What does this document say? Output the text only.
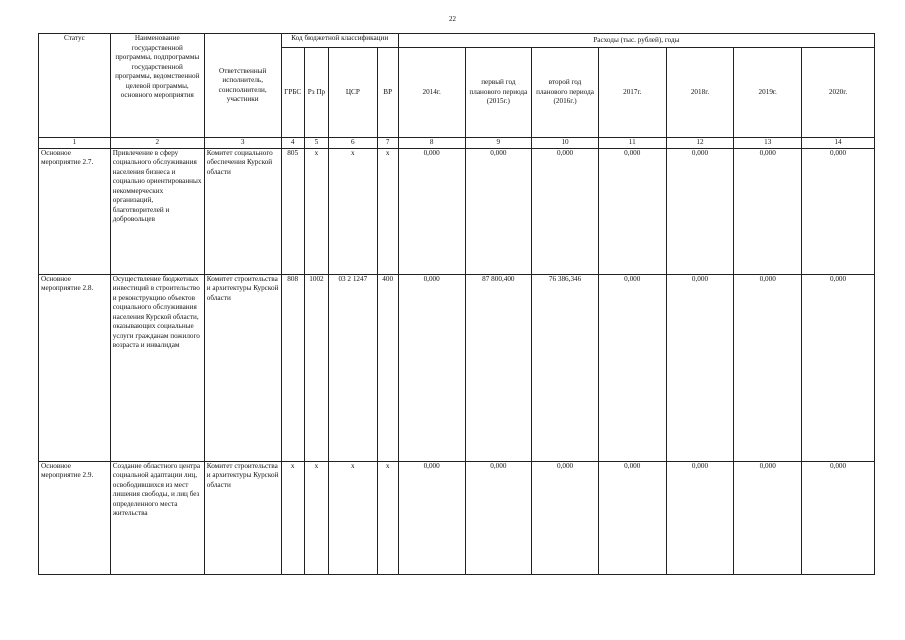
22
Статус	Наименование государственной программы, подпрограммы государственной программы, ведомственной целевой программы, основного мероприятия	Ответственный исполнитель, соисполнители, участники	Код бюджетной классификации				Расходы (тыс. рублей), годы						
			ГРБС	Рз Пр	ЦСР	ВР	2014г.	первый год планового периода (2015г.)	второй год планового периода (2016г.)	2017г.	2018г.	2019г.	2020г.
1	2	3	4	5	6	7	8	9	10	11	12	13	14
Основное мероприятие 2.7.	Привлечение в сферу социального обслуживания населения бизнеса и социально ориентированных некоммерческих организаций, благотворителей и добровольцев	Комитет социального обеспечения Курской области	805	х	х	х	0,000	0,000	0,000	0,000	0,000	0,000	0,000
Основное мероприятие 2.8.	Осуществление бюджетных инвестиций в строительство и реконструкцию объектов социального обслуживания населения Курской области, оказывающих социальные услуги гражданам пожилого возраста и инвалидам	Комитет строительства и архитектуры Курской области	808	1002	03 2 1247	400	0,000	87 800,400	76 386,346	0,000	0,000	0,000	0,000
Основное мероприятие 2.9.	Создание областного центра социальной адаптации лиц, освободившихся из мест лишения свободы, и лиц без определенного места жительства	Комитет строительства и архитектуры Курской области	х	х	х	х	0,000	0,000	0,000	0,000	0,000	0,000	0,000
